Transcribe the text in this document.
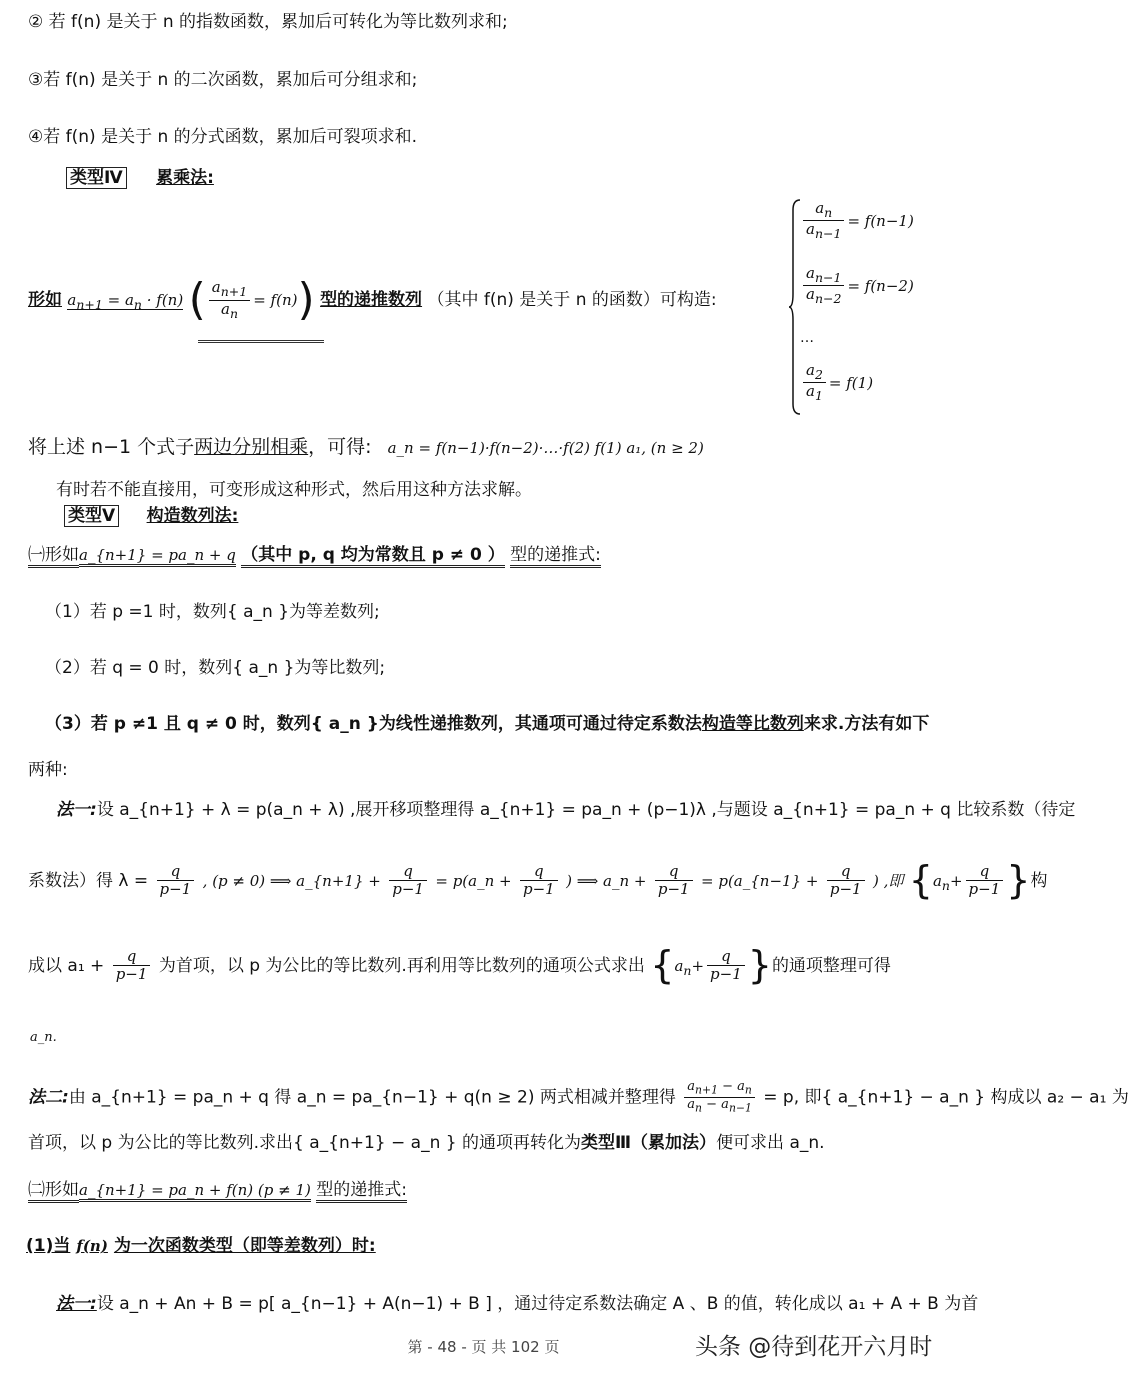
② 若 f(n) 是关于 n 的指数函数，累加后可转化为等比数列求和;
③若 f(n) 是关于 n 的二次函数，累加后可分组求和;
④若 f(n) 是关于 n 的分式函数，累加后可裂项求和.
类型Ⅳ 累乘法:
形如 $a_{n+1} = a_n \cdot f(n)$ ( $\frac{a_{n+1}}{a_n} = f(n)$) 型的递推数列 （其中 f(n) 是关于 n 的函数）可构造:
$\frac{a_n}{a_{n-1}} = f(n-1)$
$\frac{a_{n-1}}{a_{n-2}} = f(n-2)$
…
$\frac{a_2}{a_1} = f(1)$
将上述 n−1 个式子两边分别相乘，可得: a_n = f(n−1)·f(n−2)·…·f(2) f(1) a₁, (n ≥ 2)
有时若不能直接用，可变形成这种形式，然后用这种方法求解。
类型Ⅴ 构造数列法:
㈠形如a_{n+1} = pa_n + q （其中 p, q 均为常数且 p ≠ 0 ） 型的递推式:
（1）若 p =1 时，数列{ a_n }为等差数列;
（2）若 q = 0 时，数列{ a_n }为等比数列;
（3）若 p ≠1 且 q ≠ 0 时，数列{ a_n }为线性递推数列，其通项可通过待定系数法构造等比数列来求.方法有如下
两种:
法一:设 a_{n+1} + λ = p(a_n + λ) ,展开移项整理得 a_{n+1} = pa_n + (p−1)λ ,与题设 a_{n+1} = pa_n + q 比较系数（待定
系数法）得 $\lambda = \frac{q}{p-1}$ , (p ≠ 0) ⟹ a_{n+1} + $\frac{q}{p-1}$ = p(a_n + $\frac{q}{p-1}$ ) ⟹ a_n + $\frac{q}{p-1}$ = p(a_{n−1} + $\frac{q}{p-1}$ ) ,即 {$a_n+ \frac{q}{p-1}$ }构
成以 $a_1 + \frac{q}{p-1}$ 为首项，以 p 为公比的等比数列.再利用等比数列的通项公式求出 {$a_n+ \frac{q}{p-1}$ }的通项整理可得
a_n.
法二:由 a_{n+1} = pa_n + q 得 a_n = pa_{n−1} + q(n ≥ 2) 两式相减并整理得 $\frac{a_{n+1} - a_n}{a_n - a_{n-1}} = p$, 即{ a_{n+1} − a_n } 构成以 a₂ − a₁ 为
首项，以 p 为公比的等比数列.求出{ a_{n+1} − a_n } 的通项再转化为类型Ⅲ（累加法）便可求出 a_n.
㈡形如a_{n+1} = pa_n + f(n) (p ≠ 1) 型的递推式:
(1)当 f(n) 为一次函数类型（即等差数列）时:
法一:设 a_n + An + B = p[ a_{n−1} + A(n−1) + B ] ，通过待定系数法确定 A 、B 的值，转化成以 a₁ + A + B 为首
第 - 48 - 页 共 102 页	头条 @待到花开六月时
